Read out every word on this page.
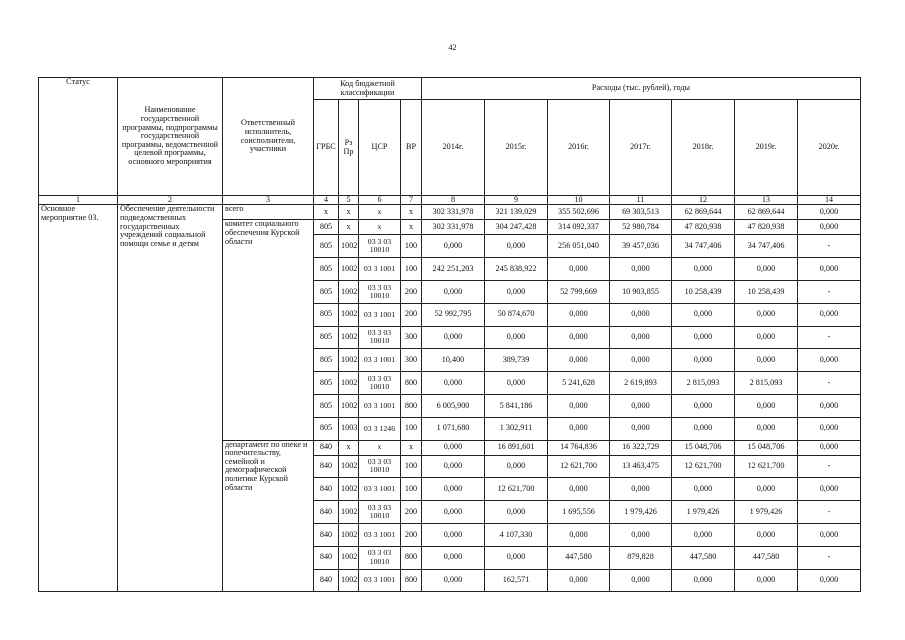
42
Статус	Наименование государственной программы, подпрограммы государственной программы, ведомственной целевой программы, основного мероприятия	Ответственный исполнитель, соисполнители, участники	Код бюджетной классификации				Расходы (тыс. рублей), годы						
			ГРБС	Рз Пр	ЦСР	ВР	2014г.	2015г.	2016г.	2017г.	2018г.	2019г.	2020г.
1	2	3	4	5	6	7	8	9	10	11	12	13	14
Основное мероприятие 03.	Обеспечение деятельности подведомственных государственных учреждений социальной помощи семье и детям	всего	x	x	x	x	302 331,978	321 139,029	355 502,696	69 303,513	62 869,644	62 869,644	0,000
		комитет социального обеспечения Курской области	805	x	x	x	302 331,978	304 247,428	314 092,337	52 980,784	47 820,938	47 820,938	0,000
			805	1002	03 3 03 10010	100	0,000	0,000	256 051,040	39 457,036	34 747,406	34 747,406	-
			805	1002	03 3 1001	100	242 251,203	245 838,922	0,000	0,000	0,000	0,000	0,000
			805	1002	03 3 03 10010	200	0,000	0,000	52 799,669	10 903,855	10 258,439	10 258,439	-
			805	1002	03 3 1001	200	52 992,795	50 874,670	0,000	0,000	0,000	0,000	0,000
			805	1002	03 3 03 10010	300	0,000	0,000	0,000	0,000	0,000	0,000	-
			805	1002	03 3 1001	300	10,400	389,739	0,000	0,000	0,000	0,000	0,000
			805	1002	03 3 03 10010	800	0,000	0,000	5 241,628	2 619,893	2 815,093	2 815,093	-
			805	1002	03 3 1001	800	6 005,900	5 841,186	0,000	0,000	0,000	0,000	0,000
			805	1003	03 3 1246	100	1 071,680	1 302,911	0,000	0,000	0,000	0,000	0,000
		департамент по опеке и попечительству, семейной и демографической политике Курской области	840	x	x	x	0,000	16 891,601	14 764,836	16 322,729	15 048,706	15 048,706	0,000
			840	1002	03 3 03 10010	100	0,000	0,000	12 621,700	13 463,475	12 621,700	12 621,700	-
			840	1002	03 3 1001	100	0,000	12 621,700	0,000	0,000	0,000	0,000	0,000
			840	1002	03 3 03 10010	200	0,000	0,000	1 695,556	1 979,426	1 979,426	1 979,426	-
			840	1002	03 3 1001	200	0,000	4 107,330	0,000	0,000	0,000	0,000	0,000
			840	1002	03 3 03 10010	800	0,000	0,000	447,580	879,828	447,580	447,580	-
			840	1002	03 3 1001	800	0,000	162,571	0,000	0,000	0,000	0,000	0,000
